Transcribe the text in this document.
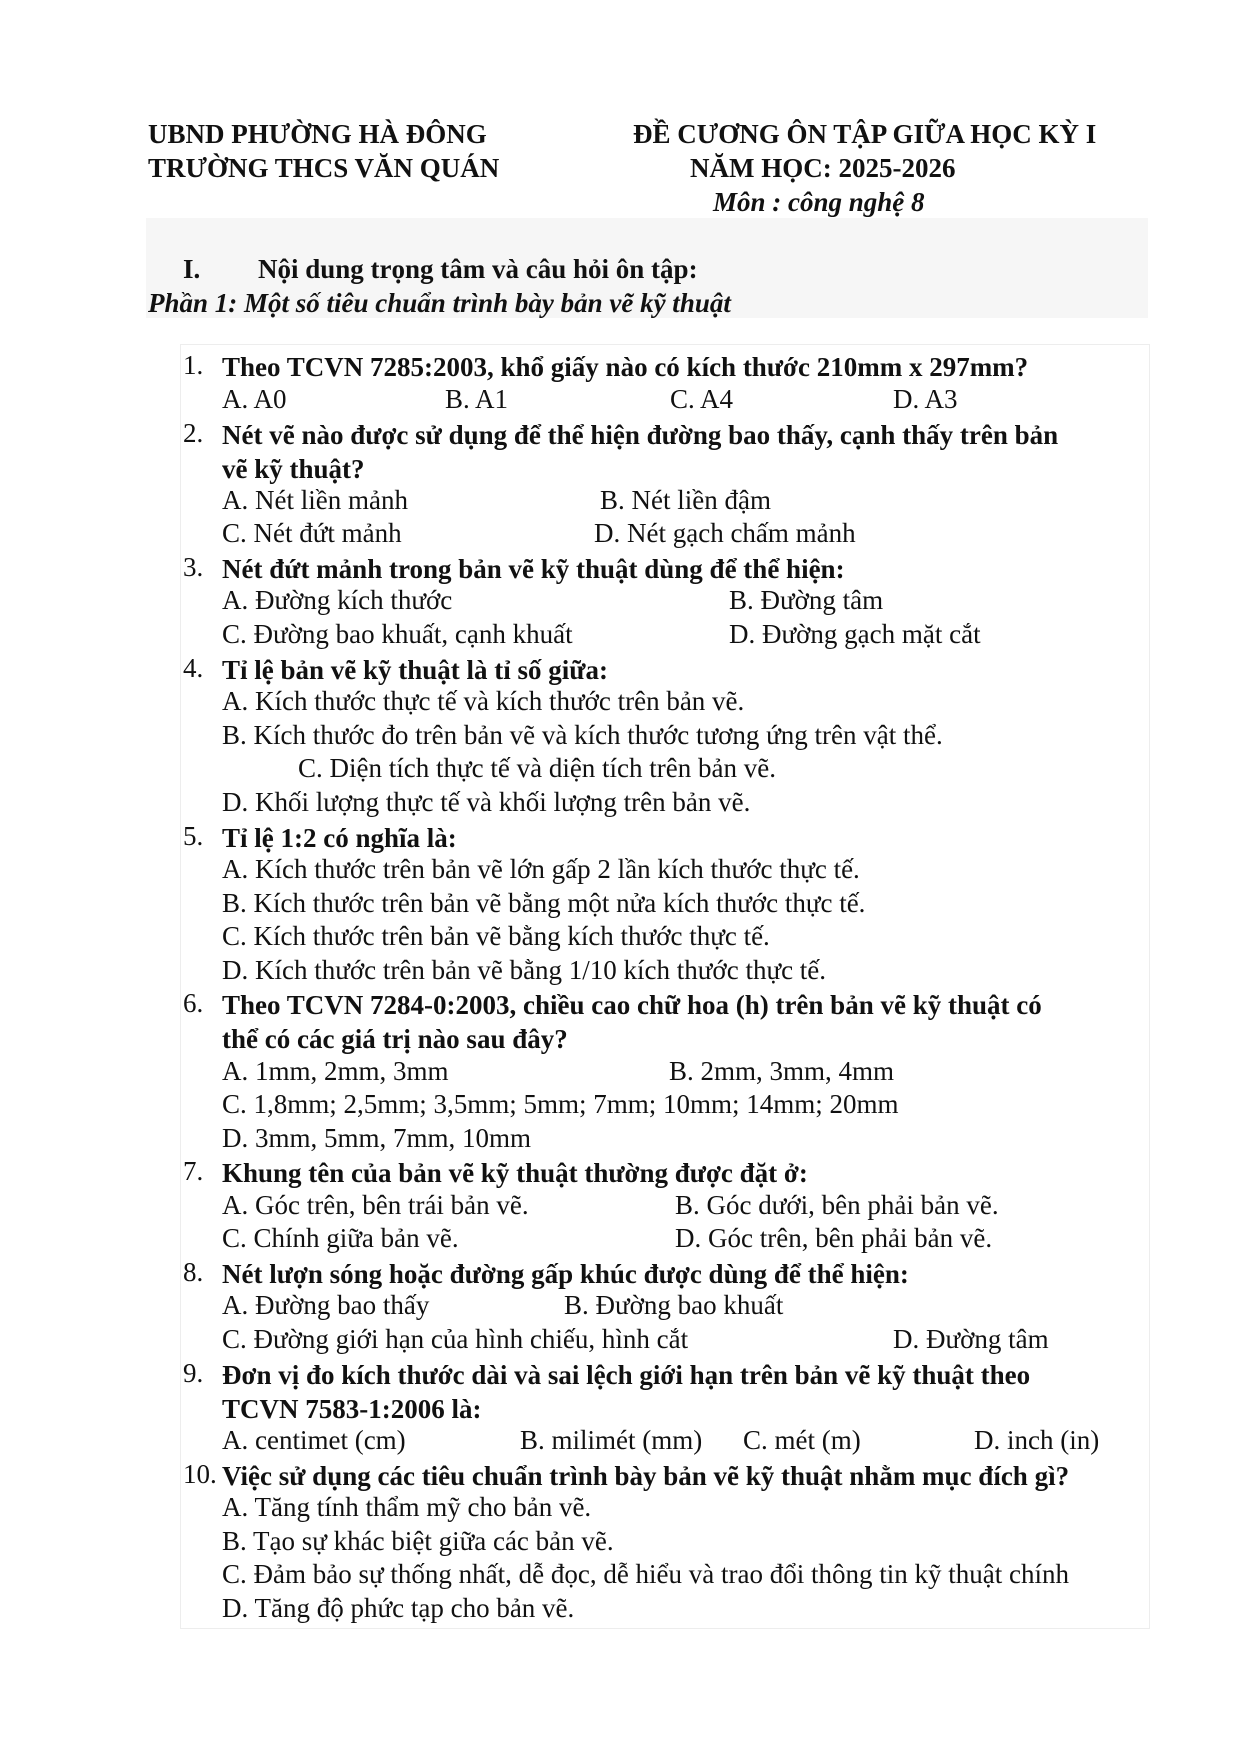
UBND PHƯỜNG HÀ ĐÔNG
TRƯỜNG THCS VĂN QUÁN
ĐỀ CƯƠNG ÔN TẬP GIỮA HỌC KỲ I
NĂM HỌC: 2025-2026
Môn : công nghệ 8
I. Nội dung trọng tâm và câu hỏi ôn tập:
Phần 1: Một số tiêu chuẩn trình bày bản vẽ kỹ thuật
1. Theo TCVN 7285:2003, khổ giấy nào có kích thước 210mm x 297mm?
A. A0	B. A1	C. A4	D. A3
2. Nét vẽ nào được sử dụng để thể hiện đường bao thấy, cạnh thấy trên bản
vẽ kỹ thuật?
A. Nét liền mảnh	B. Nét liền đậm
C. Nét đứt mảnh	D. Nét gạch chấm mảnh
3. Nét đứt mảnh trong bản vẽ kỹ thuật dùng để thể hiện:
A. Đường kích thước	B. Đường tâm
C. Đường bao khuất, cạnh khuất	D. Đường gạch mặt cắt
4. Tỉ lệ bản vẽ kỹ thuật là tỉ số giữa:
A. Kích thước thực tế và kích thước trên bản vẽ.
B. Kích thước đo trên bản vẽ và kích thước tương ứng trên vật thể.
C. Diện tích thực tế và diện tích trên bản vẽ.
D. Khối lượng thực tế và khối lượng trên bản vẽ.
5. Tỉ lệ 1:2 có nghĩa là:
A. Kích thước trên bản vẽ lớn gấp 2 lần kích thước thực tế.
B. Kích thước trên bản vẽ bằng một nửa kích thước thực tế.
C. Kích thước trên bản vẽ bằng kích thước thực tế.
D. Kích thước trên bản vẽ bằng 1/10 kích thước thực tế.
6. Theo TCVN 7284-0:2003, chiều cao chữ hoa (h) trên bản vẽ kỹ thuật có
thể có các giá trị nào sau đây?
A. 1mm, 2mm, 3mm	B. 2mm, 3mm, 4mm
C. 1,8mm; 2,5mm; 3,5mm; 5mm; 7mm; 10mm; 14mm; 20mm
D. 3mm, 5mm, 7mm, 10mm
7. Khung tên của bản vẽ kỹ thuật thường được đặt ở:
A. Góc trên, bên trái bản vẽ.	B. Góc dưới, bên phải bản vẽ.
C. Chính giữa bản vẽ.	D. Góc trên, bên phải bản vẽ.
8. Nét lượn sóng hoặc đường gấp khúc được dùng để thể hiện:
A. Đường bao thấy	B. Đường bao khuất
C. Đường giới hạn của hình chiếu, hình cắt	D. Đường tâm
9. Đơn vị đo kích thước dài và sai lệch giới hạn trên bản vẽ kỹ thuật theo
TCVN 7583-1:2006 là:
A. centimet (cm)	B. milimét (mm) C. mét (m)	D. inch (in)
10. Việc sử dụng các tiêu chuẩn trình bày bản vẽ kỹ thuật nhằm mục đích gì?
A. Tăng tính thẩm mỹ cho bản vẽ.
B. Tạo sự khác biệt giữa các bản vẽ.
C. Đảm bảo sự thống nhất, dễ đọc, dễ hiểu và trao đổi thông tin kỹ thuật chính
D. Tăng độ phức tạp cho bản vẽ.
